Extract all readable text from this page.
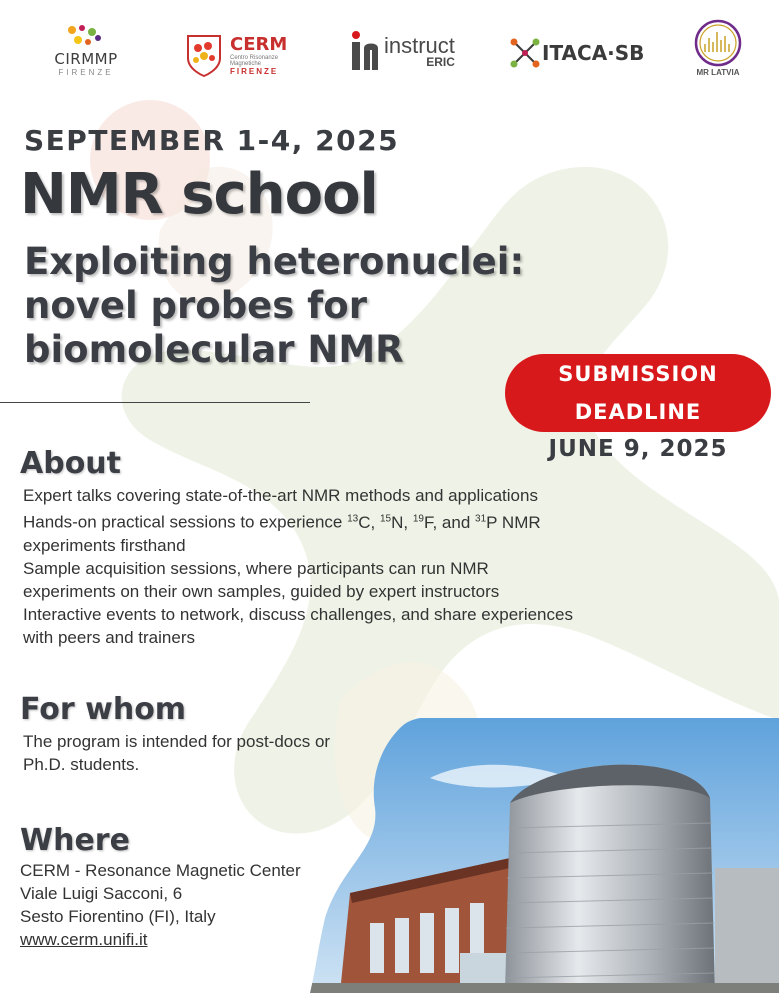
CIRMMP
FIRENZE
CERM
Centro Risonanze
Magnetiche
FIRENZE
instruct
ERIC	ITACA·SB
MR LATVIA
SEPTEMBER 1-4, 2025
NMR school
Exploiting heteronuclei:
novel probes for
biomolecular NMR
SUBMISSION
DEADLINE
JUNE 9, 2025
About
Expert talks covering state-of-the-art NMR methods and applications
Hands-on practical sessions to experience $^{13}$C, $^{15}$N, $^{19}$F, and $^{31}$P NMR
experiments firsthand
Sample acquisition sessions, where participants can run NMR
experiments on their own samples, guided by expert instructors
Interactive events to network, discuss challenges, and share experiences
with peers and trainers
For whom
The program is intended for post-docs or
Ph.D. students.
Where
CERM - Resonance Magnetic Center
Viale Luigi Sacconi, 6
Sesto Fiorentino (FI), Italy
www.cerm.unifi.it
